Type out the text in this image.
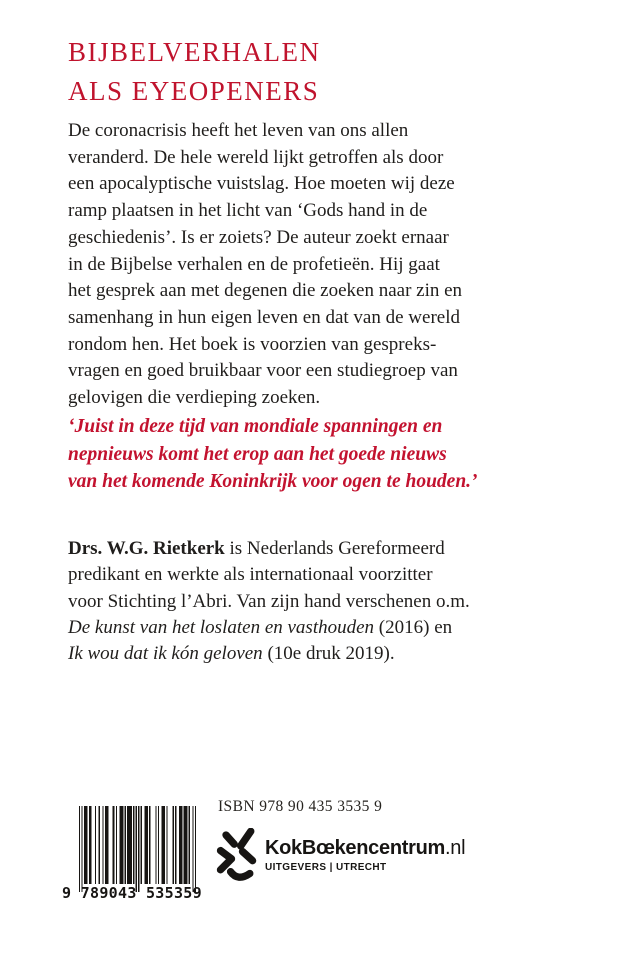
BIJBELVERHALEN
ALS EYEOPENERS

De coronacrisis heeft het leven van ons allen
veranderd. De hele wereld lijkt getroffen als door
een apocalyptische vuistslag. Hoe moeten wij deze
ramp plaatsen in het licht van ‘Gods hand in de
geschiedenis’. Is er zoiets? De auteur zoekt ernaar
in de Bijbelse verhalen en de profetieën. Hij gaat
het gesprek aan met degenen die zoeken naar zin en
samenhang in hun eigen leven en dat van de wereld
rondom hen. Het boek is voorzien van gespreks-
vragen en goed bruikbaar voor een studiegroep van
gelovigen die verdieping zoeken.

‘Juist in deze tijd van mondiale spanningen en
nepnieuws komt het erop aan het goede nieuws
van het komende Koninkrijk voor ogen te houden.’

Drs. W.G. Rietkerk is Nederlands Gereformeerd
predikant en werkte als internationaal voorzitter
voor Stichting l’Abri. Van zijn hand verschenen o.m.
De kunst van het loslaten en vasthouden (2016) en
Ik wou dat ik kón geloven (10e druk 2019).

ISBN 978 90 435 3535 9
KokBœkencentrum.nl
UITGEVERS | UTRECHT
9 789043 535359
